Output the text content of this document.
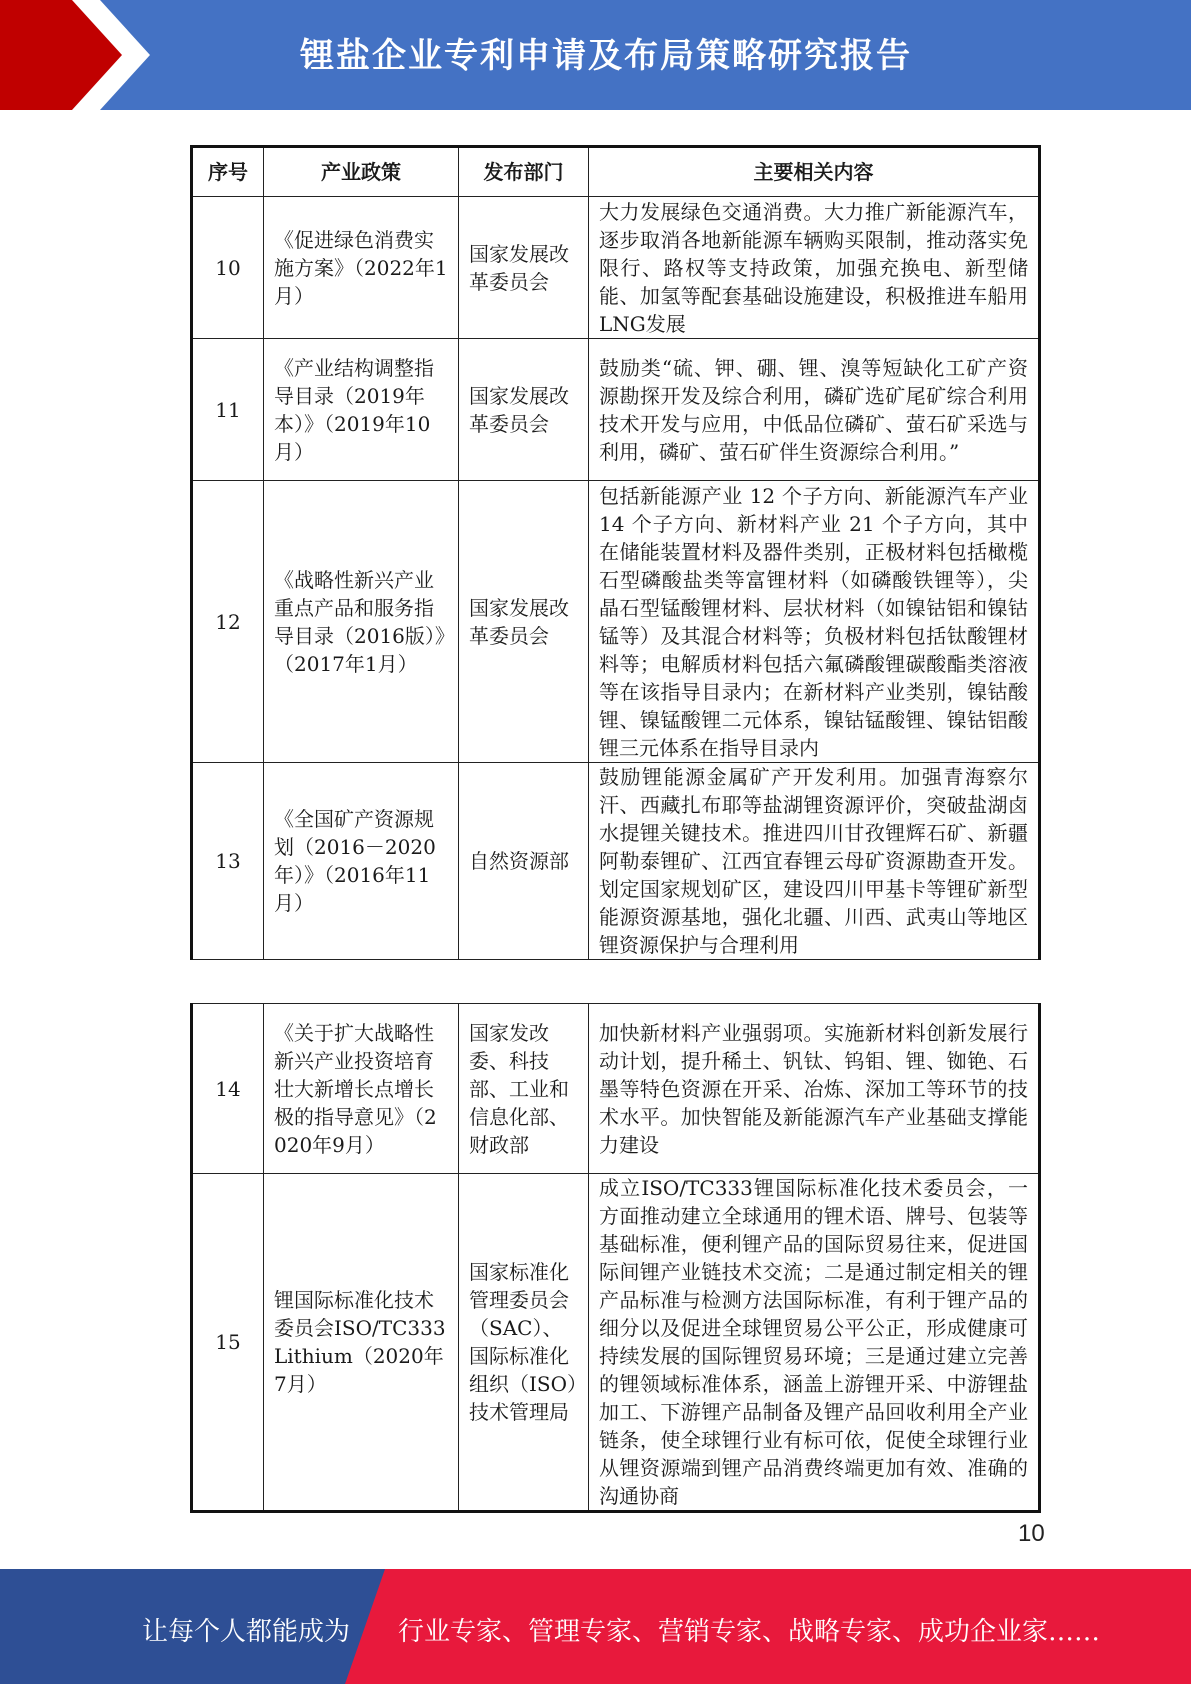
锂盐企业专利申请及布局策略研究报告
序号	产业政策	发布部门	主要相关内容
10	《促进绿色消费实施方案》（2022年1月）	国家发展改革委员会	大力发展绿色交通消费。大力推广新能源汽车，逐步取消各地新能源车辆购买限制，推动落实免限行、路权等支持政策，加强充换电、新型储能、加氢等配套基础设施建设，积极推进车船用LNG发展
11	《产业结构调整指导目录（2019年本）》（2019年10月）	国家发展改革委员会	鼓励类“硫、钾、硼、锂、溴等短缺化工矿产资源勘探开发及综合利用，磷矿选矿尾矿综合利用技术开发与应用，中低品位磷矿、萤石矿采选与利用，磷矿、萤石矿伴生资源综合利用。”
12	《战略性新兴产业重点产品和服务指导目录（2016版）》（2017年1月）	国家发展改革委员会	包括新能源产业 12 个子方向、新能源汽车产业 14 个子方向、新材料产业 21 个子方向，其中在储能装置材料及器件类别，正极材料包括橄榄石型磷酸盐类等富锂材料（如磷酸铁锂等），尖晶石型锰酸锂材料、层状材料（如镍钴铝和镍钴锰等）及其混合材料等；负极材料包括钛酸锂材料等；电解质材料包括六氟磷酸锂碳酸酯类溶液等在该指导目录内；在新材料产业类别，镍钴酸锂、镍锰酸锂二元体系，镍钴锰酸锂、镍钴铝酸锂三元体系在指导目录内
13	《全国矿产资源规划（2016－2020年）》（2016年11月）	自然资源部	鼓励锂能源金属矿产开发利用。加强青海察尔汗、西藏扎布耶等盐湖锂资源评价，突破盐湖卤水提锂关键技术。推进四川甘孜锂辉石矿、新疆阿勒泰锂矿、江西宜春锂云母矿资源勘查开发。划定国家规划矿区，建设四川甲基卡等锂矿新型能源资源基地，强化北疆、川西、武夷山等地区锂资源保护与合理利用
14	《关于扩大战略性新兴产业投资培育壮大新增长点增长极的指导意见》（2020年9月）	国家发改委、科技部、工业和信息化部、财政部	加快新材料产业强弱项。实施新材料创新发展行动计划，提升稀土、钒钛、钨钼、锂、铷铯、石墨等特色资源在开采、冶炼、深加工等环节的技术水平。加快智能及新能源汽车产业基础支撑能力建设
15	锂国际标准化技术委员会ISO/TC333 Lithium（2020年7月）	国家标准化管理委员会（SAC）、国际标准化组织（ISO）技术管理局	成立ISO/TC333锂国际标准化技术委员会，一方面推动建立全球通用的锂术语、牌号、包装等基础标准，便利锂产品的国际贸易往来，促进国际间锂产业链技术交流；二是通过制定相关的锂产品标准与检测方法国际标准，有利于锂产品的细分以及促进全球锂贸易公平公正，形成健康可持续发展的国际锂贸易环境；三是通过建立完善的锂领域标准体系，涵盖上游锂开采、中游锂盐加工、下游锂产品制备及锂产品回收利用全产业链条，使全球锂行业有标可依，促使全球锂行业从锂资源端到锂产品消费终端更加有效、准确的沟通协商
10
让每个人都能成为 行业专家、管理专家、营销专家、战略专家、成功企业家……
